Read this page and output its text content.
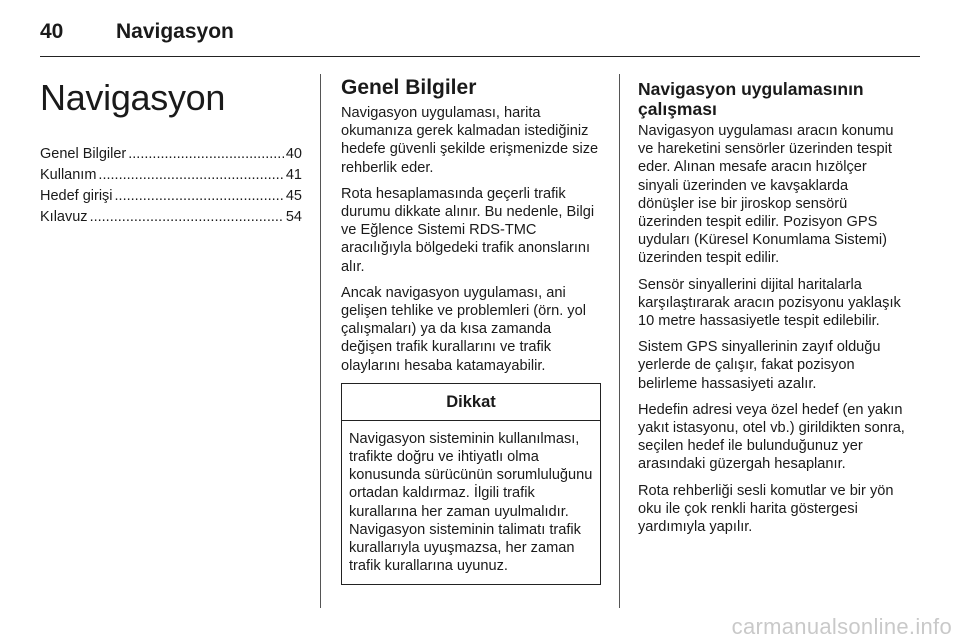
40	Navigasyon
Navigasyon
Genel Bilgiler .....	40
Kullanım .....	41
Hedef girişi .....	45
Kılavuz .....	54
Genel Bilgiler

Navigasyon uygulaması, harita okumanıza gerek kalmadan istediğiniz hedefe güvenli şekilde erişmenizde size rehberlik eder.

Rota hesaplamasında geçerli trafik durumu dikkate alınır. Bu nedenle, Bilgi ve Eğlence Sistemi RDS-TMC aracılığıyla bölgedeki trafik anonslarını alır.

Ancak navigasyon uygulaması, ani gelişen tehlike ve problemleri (örn. yol çalışmaları) ya da kısa zamanda değişen trafik kurallarını ve trafik olaylarını hesaba katamayabilir.

Dikkat
Navigasyon sisteminin kullanılması, trafikte doğru ve ihtiyatlı olma konusunda sürücünün sorumluluğunu ortadan kaldırmaz. İlgili trafik kurallarına her zaman uyulmalıdır. Navigasyon sisteminin talimatı trafik kurallarıyla uyuşmazsa, her zaman trafik kurallarına uyunuz.
Navigasyon uygulamasının çalışması

Navigasyon uygulaması aracın konumu ve hareketini sensörler üzerinden tespit eder. Alınan mesafe aracın hızölçer sinyali üzerinden ve kavşaklarda dönüşler ise bir jiroskop sensörü üzerinden tespit edilir. Pozisyon GPS uyduları (Küresel Konumlama Sistemi) üzerinden tespit edilir.

Sensör sinyallerini dijital haritalarla karşılaştırarak aracın pozisyonu yaklaşık 10 metre hassasiyetle tespit edilebilir.

Sistem GPS sinyallerinin zayıf olduğu yerlerde de çalışır, fakat pozisyon belirleme hassasiyeti azalır.

Hedefin adresi veya özel hedef (en yakın yakıt istasyonu, otel vb.) girildikten sonra, seçilen hedef ile bulunduğunuz yer arasındaki güzergah hesaplanır.

Rota rehberliği sesli komutlar ve bir yön oku ile çok renkli harita göstergesi yardımıyla yapılır.

carmanualsonline.info
